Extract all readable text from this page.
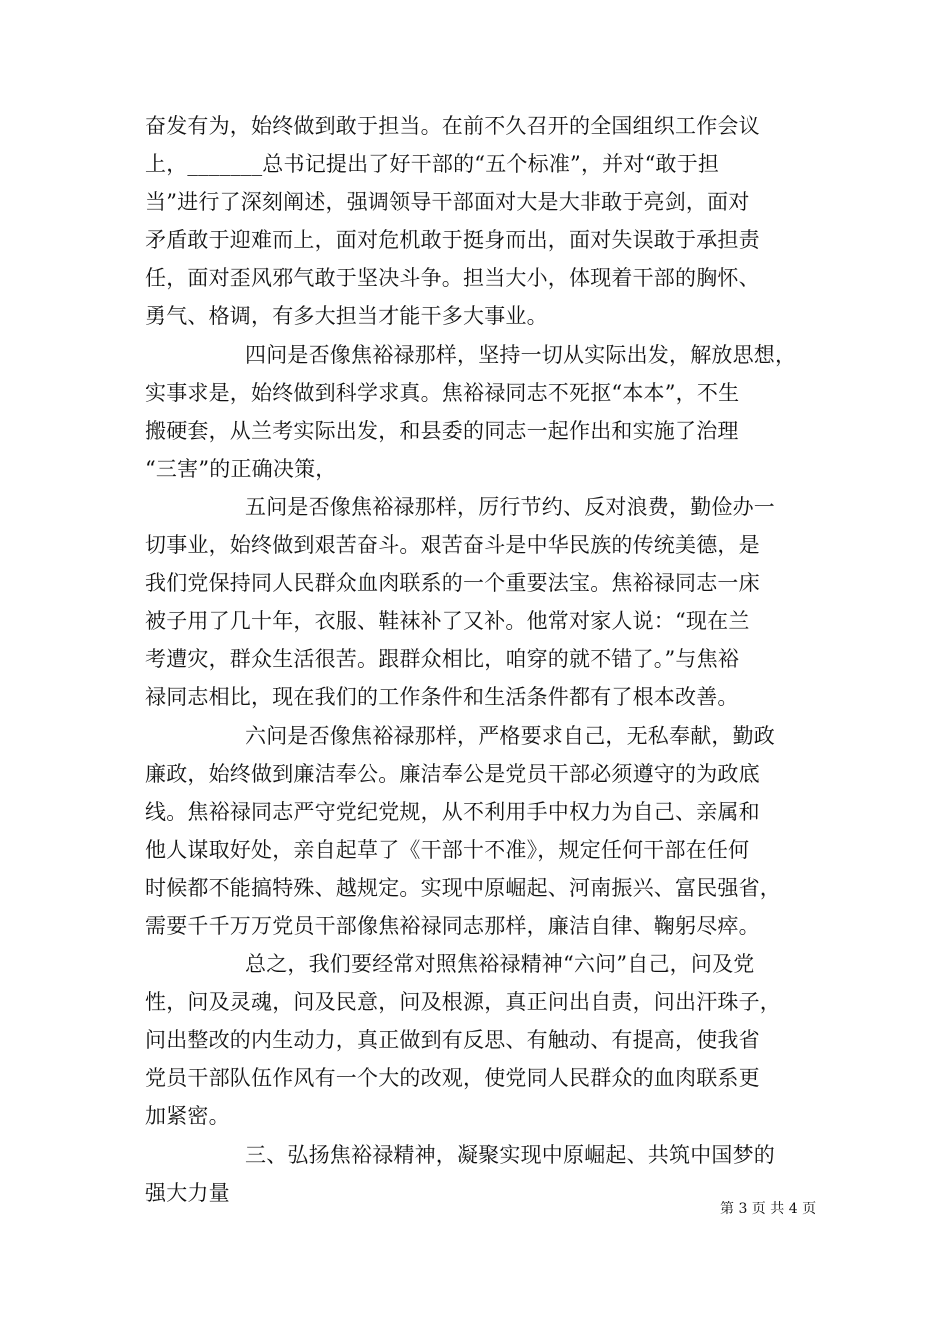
奋发有为，始终做到敢于担当。在前不久召开的全国组织工作会议
上，_______总书记提出了好干部的“五个标准”，并对“敢于担
当”进行了深刻阐述，强调领导干部面对大是大非敢于亮剑，面对
矛盾敢于迎难而上，面对危机敢于挺身而出，面对失误敢于承担责
任，面对歪风邪气敢于坚决斗争。担当大小，体现着干部的胸怀、
勇气、格调，有多大担当才能干多大事业。

四问是否像焦裕禄那样，坚持一切从实际出发，解放思想，
实事求是，始终做到科学求真。焦裕禄同志不死抠“本本”，不生
搬硬套，从兰考实际出发，和县委的同志一起作出和实施了治理
“三害”的正确决策，

五问是否像焦裕禄那样，厉行节约、反对浪费，勤俭办一
切事业，始终做到艰苦奋斗。艰苦奋斗是中华民族的传统美德，是
我们党保持同人民群众血肉联系的一个重要法宝。焦裕禄同志一床
被子用了几十年，衣服、鞋袜补了又补。他常对家人说：“现在兰
考遭灾，群众生活很苦。跟群众相比，咱穿的就不错了。”与焦裕
禄同志相比，现在我们的工作条件和生活条件都有了根本改善。

六问是否像焦裕禄那样，严格要求自己，无私奉献，勤政
廉政，始终做到廉洁奉公。廉洁奉公是党员干部必须遵守的为政底
线。焦裕禄同志严守党纪党规，从不利用手中权力为自己、亲属和
他人谋取好处，亲自起草了《干部十不准》，规定任何干部在任何
时候都不能搞特殊、越规定。实现中原崛起、河南振兴、富民强省，
需要千千万万党员干部像焦裕禄同志那样，廉洁自律、鞠躬尽瘁。

总之，我们要经常对照焦裕禄精神“六问”自己，问及党
性，问及灵魂，问及民意，问及根源，真正问出自责，问出汗珠子，
问出整改的内生动力，真正做到有反思、有触动、有提高，使我省
党员干部队伍作风有一个大的改观，使党同人民群众的血肉联系更
加紧密。

三、弘扬焦裕禄精神，凝聚实现中原崛起、共筑中国梦的
强大力量

第 3 页 共 4 页
